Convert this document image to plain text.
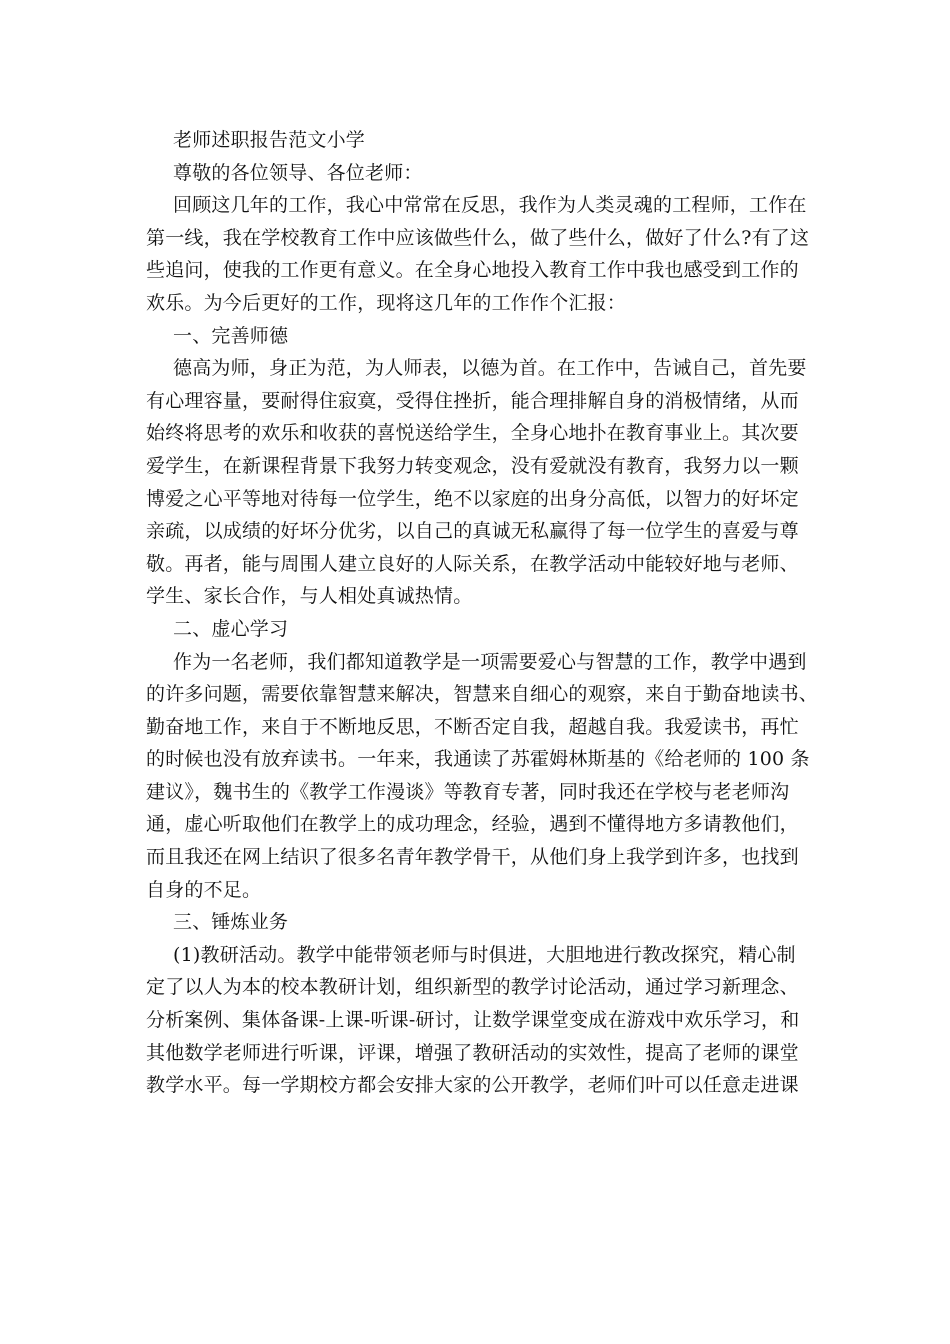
老师述职报告范文小学

尊敬的各位领导、各位老师：

回顾这几年的工作，我心中常常在反思，我作为人类灵魂的工程师，工作在

第一线，我在学校教育工作中应该做些什么，做了些什么，做好了什么?有了这

些追问，使我的工作更有意义。在全身心地投入教育工作中我也感受到工作的

欢乐。为今后更好的工作，现将这几年的工作作个汇报：

一、完善师德

德高为师，身正为范，为人师表，以德为首。在工作中，告诫自己，首先要

有心理容量，要耐得住寂寞，受得住挫折，能合理排解自身的消极情绪，从而

始终将思考的欢乐和收获的喜悦送给学生，全身心地扑在教育事业上。其次要

爱学生，在新课程背景下我努力转变观念，没有爱就没有教育，我努力以一颗

博爱之心平等地对待每一位学生，绝不以家庭的出身分高低，以智力的好坏定

亲疏，以成绩的好坏分优劣，以自己的真诚无私赢得了每一位学生的喜爱与尊

敬。再者，能与周围人建立良好的人际关系，在教学活动中能较好地与老师、

学生、家长合作，与人相处真诚热情。

二、虚心学习

作为一名老师，我们都知道教学是一项需要爱心与智慧的工作，教学中遇到

的许多问题，需要依靠智慧来解决，智慧来自细心的观察，来自于勤奋地读书、

勤奋地工作，来自于不断地反思，不断否定自我，超越自我。我爱读书，再忙

的时候也没有放弃读书。一年来，我通读了苏霍姆林斯基的《给老师的 100 条

建议》，魏书生的《教学工作漫谈》等教育专著，同时我还在学校与老老师沟

通，虚心听取他们在教学上的成功理念，经验，遇到不懂得地方多请教他们，

而且我还在网上结识了很多名青年教学骨干，从他们身上我学到许多，也找到

自身的不足。

三、锤炼业务

(1)教研活动。教学中能带领老师与时俱进，大胆地进行教改探究，精心制

定了以人为本的校本教研计划，组织新型的教学讨论活动，通过学习新理念、

分析案例、集体备课-上课-听课-研讨，让数学课堂变成在游戏中欢乐学习，和

其他数学老师进行听课，评课，增强了教研活动的实效性，提高了老师的课堂

教学水平。每一学期校方都会安排大家的公开教学，老师们叶可以任意走进课
